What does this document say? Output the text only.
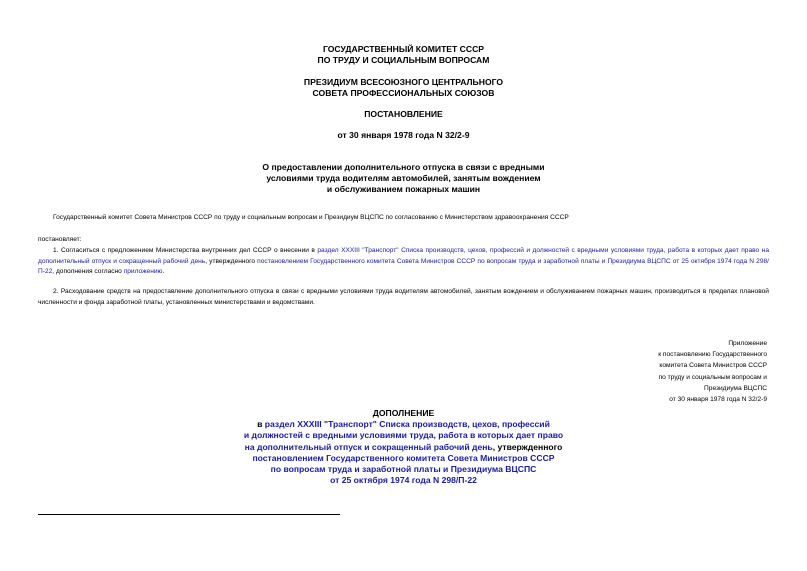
ГОСУДАРСТВЕННЫЙ КОМИТЕТ СССР
ПО ТРУДУ И СОЦИАЛЬНЫМ ВОПРОСАМ
ПРЕЗИДИУМ ВСЕСОЮЗНОГО ЦЕНТРАЛЬНОГО
СОВЕТА ПРОФЕССИОНАЛЬНЫХ СОЮЗОВ
ПОСТАНОВЛЕНИЕ
от 30 января 1978 года N 32/2-9
О предоставлении дополнительного отпуска в связи с вредными
условиями труда водителям автомобилей, занятым вождением
и обслуживанием пожарных машин
Государственный комитет Совета Министров СССР по труду и социальным вопросам и Президиум ВЦСПС по согласованию с Министерством здравоохранения СССР
постановляет:
1. Согласиться с предложением Министерства внутренних дел СССР о внесении в раздел XXXIII "Транспорт" Списка производств, цехов, профессий и должностей с вредными условиями труда, работа в которых дает право на дополнительный отпуск и сокращенный рабочий день, утвержденного постановлением Государственного комитета Совета Министров СССР по вопросам труда и заработной платы и Президиума ВЦСПС от 25 октября 1974 года N 298/П-22, дополнения согласно приложению.
2. Расходование средств на предоставление дополнительного отпуска в связи с вредными условиями труда водителям автомобилей, занятым вождением и обслуживанием пожарных машин, производиться в пределах плановой численности и фонда заработной платы, установленных министерствами и ведомствами.
Приложение
к постановлению Государственного
комитета Совета Министров СССР
по труду и социальным вопросам и
Президиума ВЦСПС
от 30 января 1978 года N 32/2-9
ДОПОЛНЕНИЕ
в раздел XXXIII "Транспорт" Списка производств, цехов, профессий
и должностей с вредными условиями труда, работа в которых дает право
на дополнительный отпуск и сокращенный рабочий день, утвержденного
постановлением Государственного комитета Совета Министров СССР
по вопросам труда и заработной платы и Президиума ВЦСПС
от 25 октября 1974 года N 298/П-22
